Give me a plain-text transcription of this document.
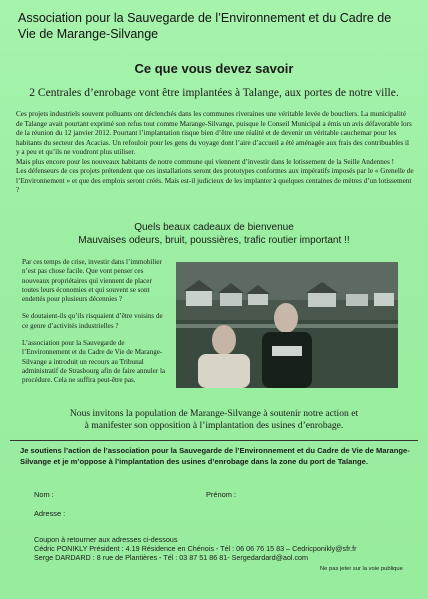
Association pour la Sauvegarde de l’Environnement et du Cadre de Vie de Marange-Silvange
Ce que vous devez savoir
2 Centrales d’enrobage vont être implantées à Talange, aux portes de notre ville.

Ces projets industriels souvent polluants ont déclenchés dans les communes riveraines une véritable levée de boucliers. La municipalité de Talange avait pourtant exprimé son refus tout comme Marange-Silvange, puisque le Conseil Municipal a émis un avis défavorable lors de la réunion du 12 janvier 2012. Pourtant l’implantation risque bien d’être une réalité et de devenir un véritable cauchemar pour les habitants du secteur des Acacias. Un refouloir pour les gens du voyage dont l’aire d’accueil a été aménagée aux frais des contribuables il y a peu et qu’ils ne voudront plus utiliser.

Mais plus encore pour les nouveaux habitants de notre commune qui viennent d’investir dans le lotissement de la Seille Andennes !

Les défenseurs de ces projets prétendent que ces installations seront des prototypes conformes aux impératifs imposés par le « Grenelle de l’Environnement » et que des emplois seront créés. Mais est-il judicieux de les implanter à quelques centaines de mètres d’un lotissement ?

Quels beaux cadeaux de bienvenue
Mauvaises odeurs, bruit, poussières, trafic routier important !!

Par ces temps de crise, investir dans l’immobilier n’est pas chose facile. Que vont penser ces nouveaux propriétaires qui viennent de placer toutes leurs économies et qui souvent se sont endettés pour plusieurs décennies ?

Se doutaient-ils qu’ils risquaient d’être voisins de ce genre d’activités industrielles ?

L’association pour la Sauvegarde de l’Environnement et du Cadre de Vie de Marange-Silvange a introduit un recours au Tribunal administratif de Strasbourg afin de faire annuler la procédure. Cela ne suffira peut-être pas.

Nous invitons la population de Marange-Silvange à soutenir notre action et
à manifester son opposition à l’implantation des usines d’enrobage.
Je soutiens l’action de l’association pour la Sauvegarde de l’Environnement et du Cadre de Vie de Marange-Silvange et je m’oppose à l’implantation des usines d’enrobage dans la zone du port de Talange.
Nom :	Prénom :
Adresse :
Coupon à retourner aux adresses ci-dessous
Cédric PONIKLY Président : 4.19 Résidence en Chénois - Tél : 06 06 76 15 83 – Cedricponikly@sfr.fr
Serge DARDARD : 8 rue de Plantières - Tél : 03 87 51 86 81- Sergedardard@aol.com
Ne pas jeter sur la voie publique
